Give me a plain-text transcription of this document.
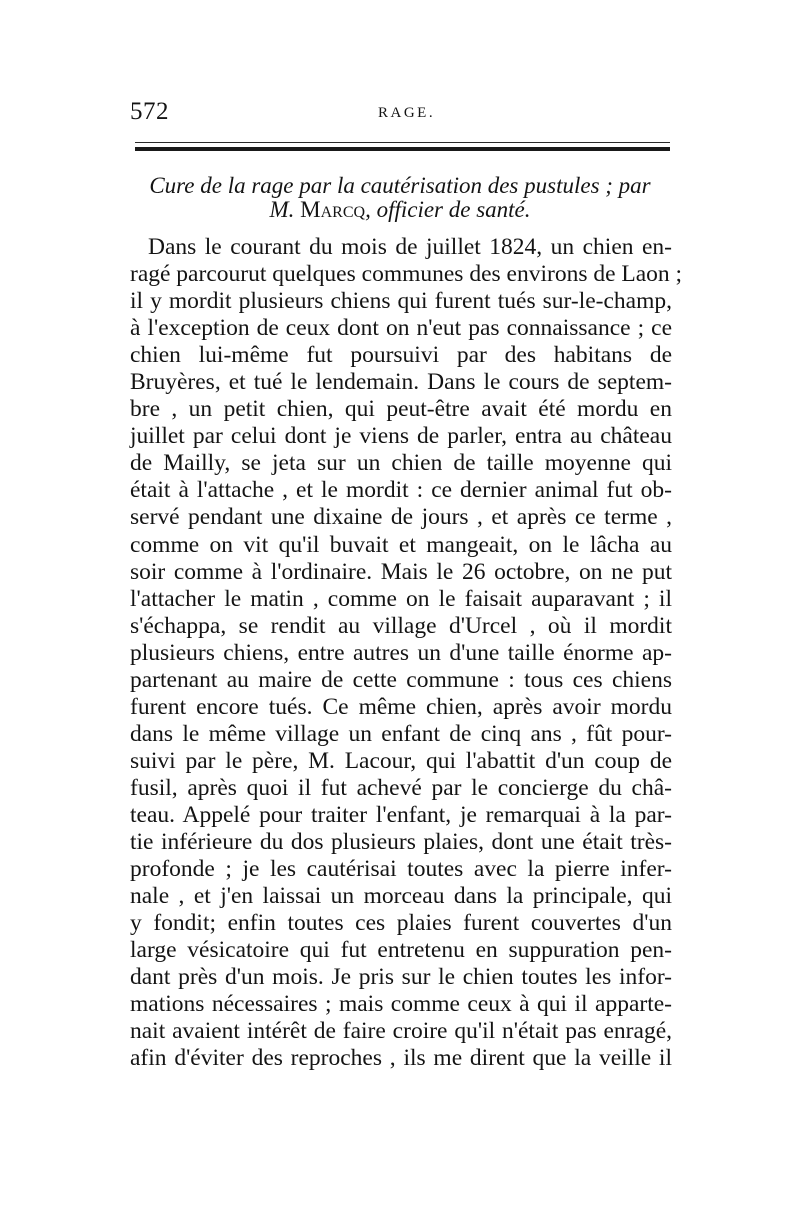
572	RAGE.
Cure de la rage par la cautérisation des pustules ; par
M. Marcq, officier de santé.
Dans le courant du mois de juillet 1824, un chien en-
ragé parcourut quelques communes des environs de Laon ;
il y mordit plusieurs chiens qui furent tués sur-le-champ,
à l'exception de ceux dont on n'eut pas connaissance ; ce
chien lui-même fut poursuivi par des habitans de
Bruyères, et tué le lendemain. Dans le cours de septem-
bre , un petit chien, qui peut-être avait été mordu en
juillet par celui dont je viens de parler, entra au château
de Mailly, se jeta sur un chien de taille moyenne qui
était à l'attache , et le mordit : ce dernier animal fut ob-
servé pendant une dixaine de jours , et après ce terme ,
comme on vit qu'il buvait et mangeait, on le lâcha au
soir comme à l'ordinaire. Mais le 26 octobre, on ne put
l'attacher le matin , comme on le faisait auparavant ; il
s'échappa, se rendit au village d'Urcel , où il mordit
plusieurs chiens, entre autres un d'une taille énorme ap-
partenant au maire de cette commune : tous ces chiens
furent encore tués. Ce même chien, après avoir mordu
dans le même village un enfant de cinq ans , fût pour-
suivi par le père, M. Lacour, qui l'abattit d'un coup de
fusil, après quoi il fut achevé par le concierge du châ-
teau. Appelé pour traiter l'enfant, je remarquai à la par-
tie inférieure du dos plusieurs plaies, dont une était très-
profonde ; je les cautérisai toutes avec la pierre infer-
nale , et j'en laissai un morceau dans la principale, qui
y fondit; enfin toutes ces plaies furent couvertes d'un
large vésicatoire qui fut entretenu en suppuration pen-
dant près d'un mois. Je pris sur le chien toutes les infor-
mations nécessaires ; mais comme ceux à qui il apparte-
nait avaient intérêt de faire croire qu'il n'était pas enragé,
afin d'éviter des reproches , ils me dirent que la veille il
